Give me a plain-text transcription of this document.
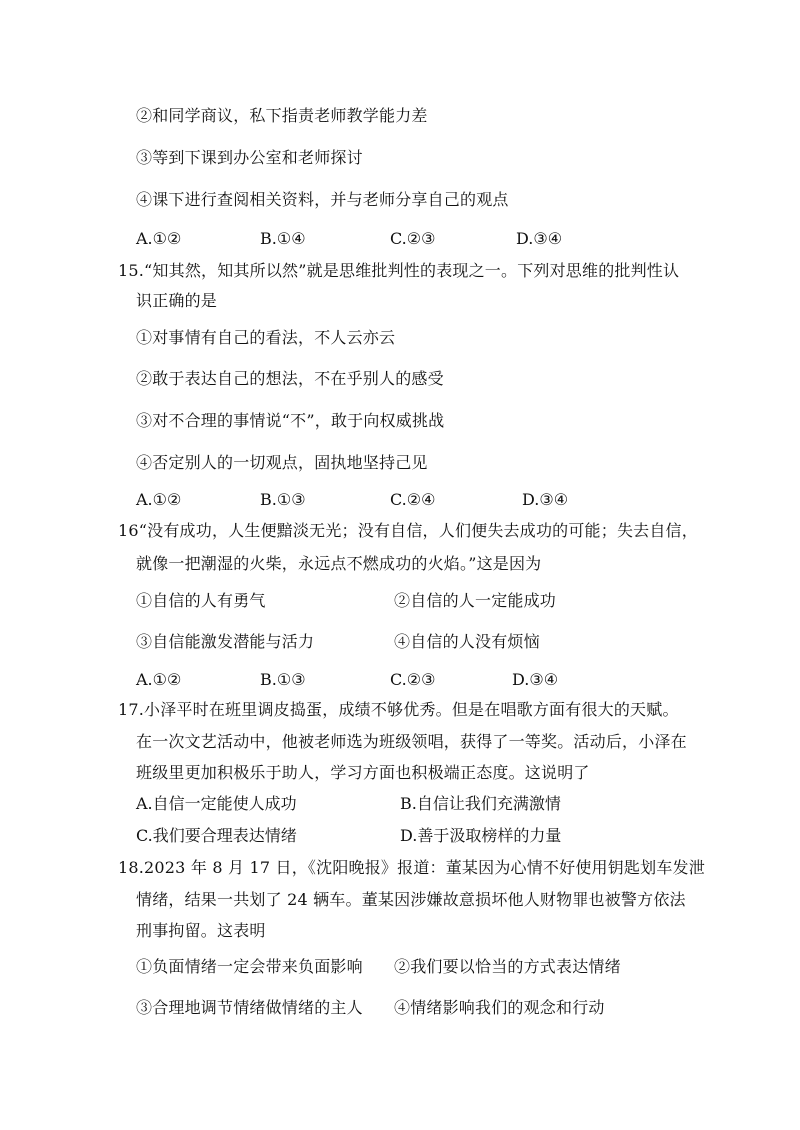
②和同学商议，私下指责老师教学能力差
③等到下课到办公室和老师探讨
④课下进行查阅相关资料，并与老师分享自己的观点
A.①②	B.①④	C.②③	D.③④
15.“知其然，知其所以然”就是思维批判性的表现之一。下列对思维的批判性认
识正确的是
①对事情有自己的看法，不人云亦云
②敢于表达自己的想法，不在乎别人的感受
③对不合理的事情说“不”，敢于向权威挑战
④否定别人的一切观点，固执地坚持己见
A.①②	B.①③	C.②④	D.③④
16“没有成功，人生便黯淡无光；没有自信，人们便失去成功的可能；失去自信，
就像一把潮湿的火柴，永远点不燃成功的火焰。”这是因为
①自信的人有勇气	②自信的人一定能成功
③自信能激发潜能与活力	④自信的人没有烦恼
A.①②	B.①③	C.②③	D.③④
17.小泽平时在班里调皮捣蛋，成绩不够优秀。但是在唱歌方面有很大的天赋。
在一次文艺活动中，他被老师选为班级领唱，获得了一等奖。活动后，小泽在
班级里更加积极乐于助人，学习方面也积极端正态度。这说明了
A.自信一定能使人成功	B.自信让我们充满激情
C.我们要合理表达情绪	D.善于汲取榜样的力量
18.2023 年 8 月 17 日，《沈阳晚报》报道：董某因为心情不好使用钥匙划车发泄
情绪，结果一共划了 24 辆车。董某因涉嫌故意损坏他人财物罪也被警方依法
刑事拘留。这表明
①负面情绪一定会带来负面影响 ②我们要以恰当的方式表达情绪
③合理地调节情绪做情绪的主人 ④情绪影响我们的观念和行动
